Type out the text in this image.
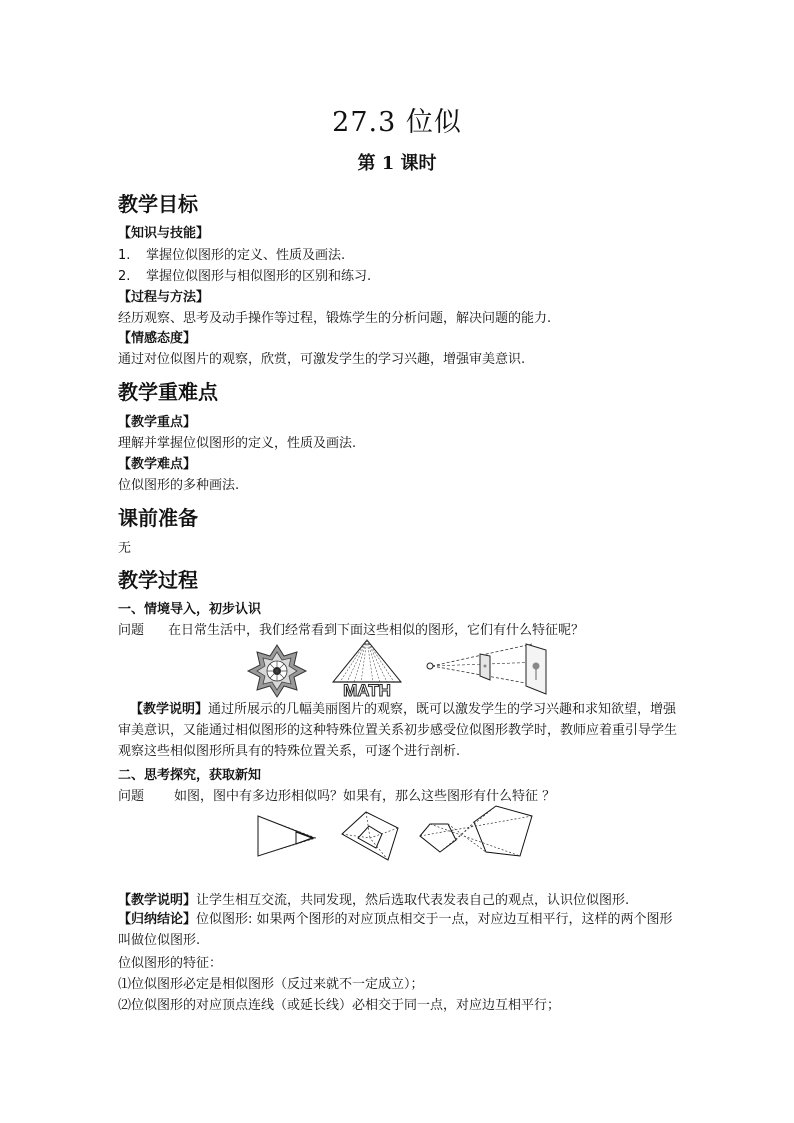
27.3 位似
第 1 课时
教学目标
【知识与技能】
1. 掌握位似图形的定义、性质及画法.
2. 掌握位似图形与相似图形的区别和练习.
【过程与方法】
经历观察、思考及动手操作等过程，锻炼学生的分析问题，解决问题的能力.
【情感态度】
通过对位似图片的观察，欣赏，可激发学生的学习兴趣，增强审美意识.
教学重难点
【教学重点】
理解并掌握位似图形的定义，性质及画法.
【教学难点】
位似图形的多种画法.
课前准备
无
教学过程
一、情境导入，初步认识
问题 在日常生活中，我们经常看到下面这些相似的图形，它们有什么特征呢？
MATH
【教学说明】通过所展示的几幅美丽图片的观察，既可以激发学生的学习兴趣和求知欲望，增强审美意识，又能通过相似图形的这种特殊位置关系初步感受位似图形教学时，教师应着重引导学生观察这些相似图形所具有的特殊位置关系，可逐个进行剖析.
二、思考探究，获取新知
问题 如图，图中有多边形相似吗？如果有，那么这些图形有什么特征 ？
【教学说明】让学生相互交流，共同发现，然后选取代表发表自己的观点，认识位似图形.
【归纳结论】位似图形: 如果两个图形的对应顶点相交于一点，对应边互相平行，这样的两个图形叫做位似图形.
位似图形的特征：
⑴位似图形必定是相似图形（反过来就不一定成立）；
⑵位似图形的对应顶点连线（或延长线）必相交于同一点，对应边互相平行；
